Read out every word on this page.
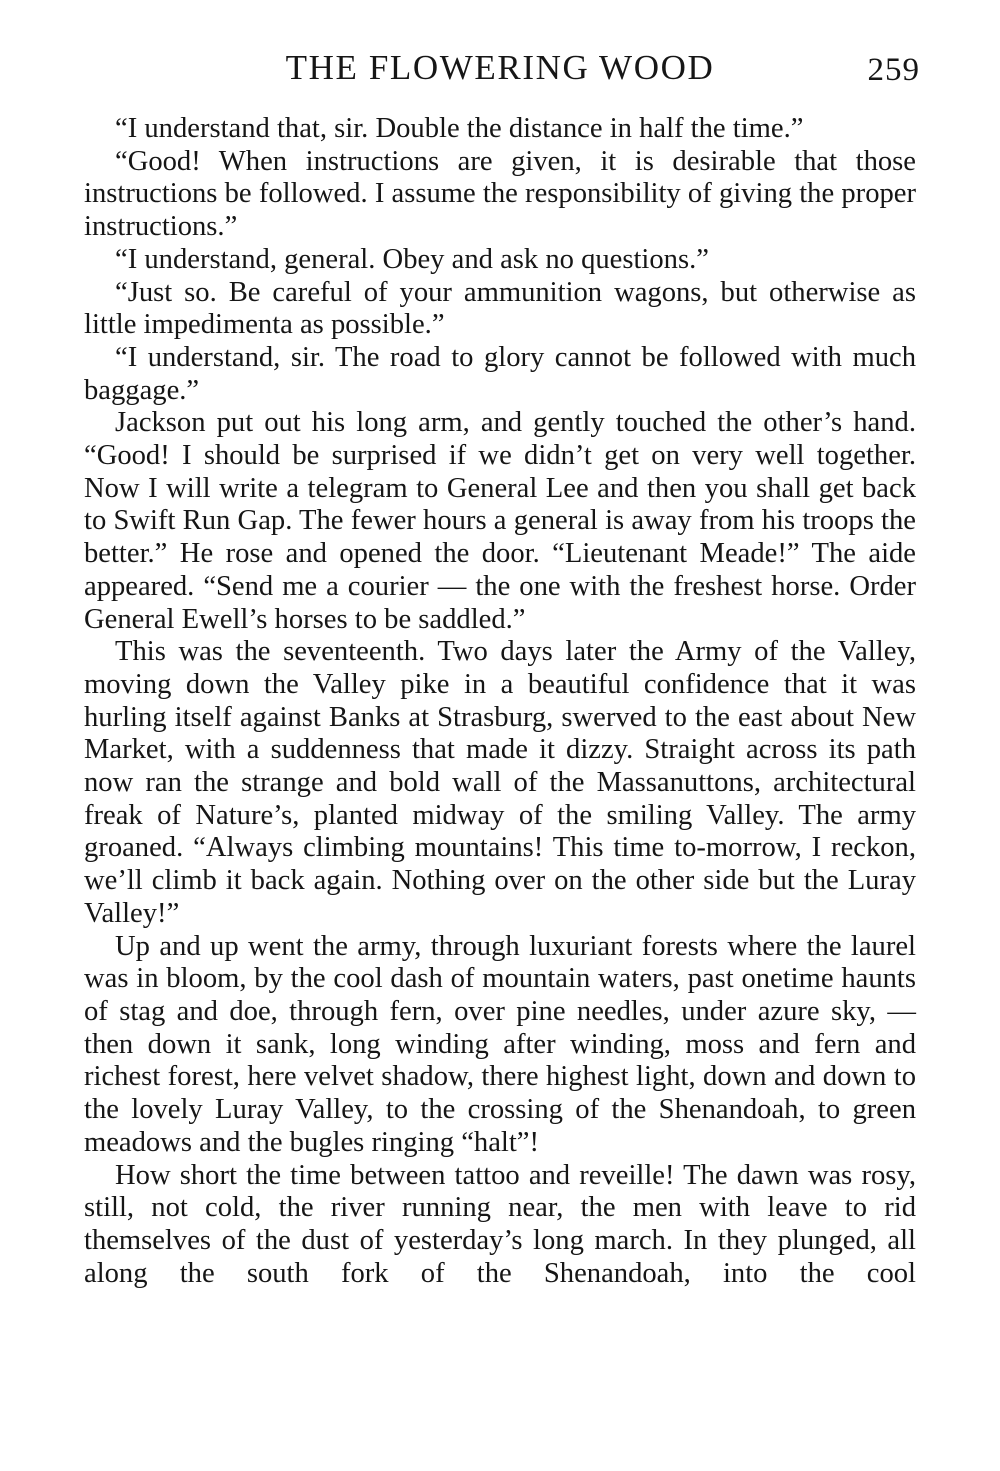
THE FLOWERING WOOD	259

“I understand that, sir. Double the distance in half the time.”

“Good! When instructions are given, it is desirable that those instructions be followed. I assume the responsibility of giving the proper instructions.”

“I understand, general. Obey and ask no questions.”

“Just so. Be careful of your ammunition wagons, but otherwise as little impedimenta as possible.”

“I understand, sir. The road to glory cannot be followed with much baggage.”

Jackson put out his long arm, and gently touched the other’s hand. “Good! I should be surprised if we didn’t get on very well together. Now I will write a telegram to General Lee and then you shall get back to Swift Run Gap. The fewer hours a general is away from his troops the better.” He rose and opened the door. “Lieutenant Meade!” The aide appeared. “Send me a courier — the one with the freshest horse. Order General Ewell’s horses to be saddled.”

This was the seventeenth. Two days later the Army of the Valley, moving down the Valley pike in a beautiful confidence that it was hurling itself against Banks at Strasburg, swerved to the east about New Market, with a suddenness that made it dizzy. Straight across its path now ran the strange and bold wall of the Massanuttons, architectural freak of Nature’s, planted midway of the smiling Valley. The army groaned. “Always climbing mountains! This time to-morrow, I reckon, we’ll climb it back again. Nothing over on the other side but the Luray Valley!”

Up and up went the army, through luxuriant forests where the laurel was in bloom, by the cool dash of mountain waters, past onetime haunts of stag and doe, through fern, over pine needles, under azure sky, — then down it sank, long winding after winding, moss and fern and richest forest, here velvet shadow, there highest light, down and down to the lovely Luray Valley, to the crossing of the Shenandoah, to green meadows and the bugles ringing “halt”!

How short the time between tattoo and reveille! The dawn was rosy, still, not cold, the river running near, the men with leave to rid themselves of the dust of yesterday’s long march. In they plunged, all along the south fork of the Shenandoah, into the cool
